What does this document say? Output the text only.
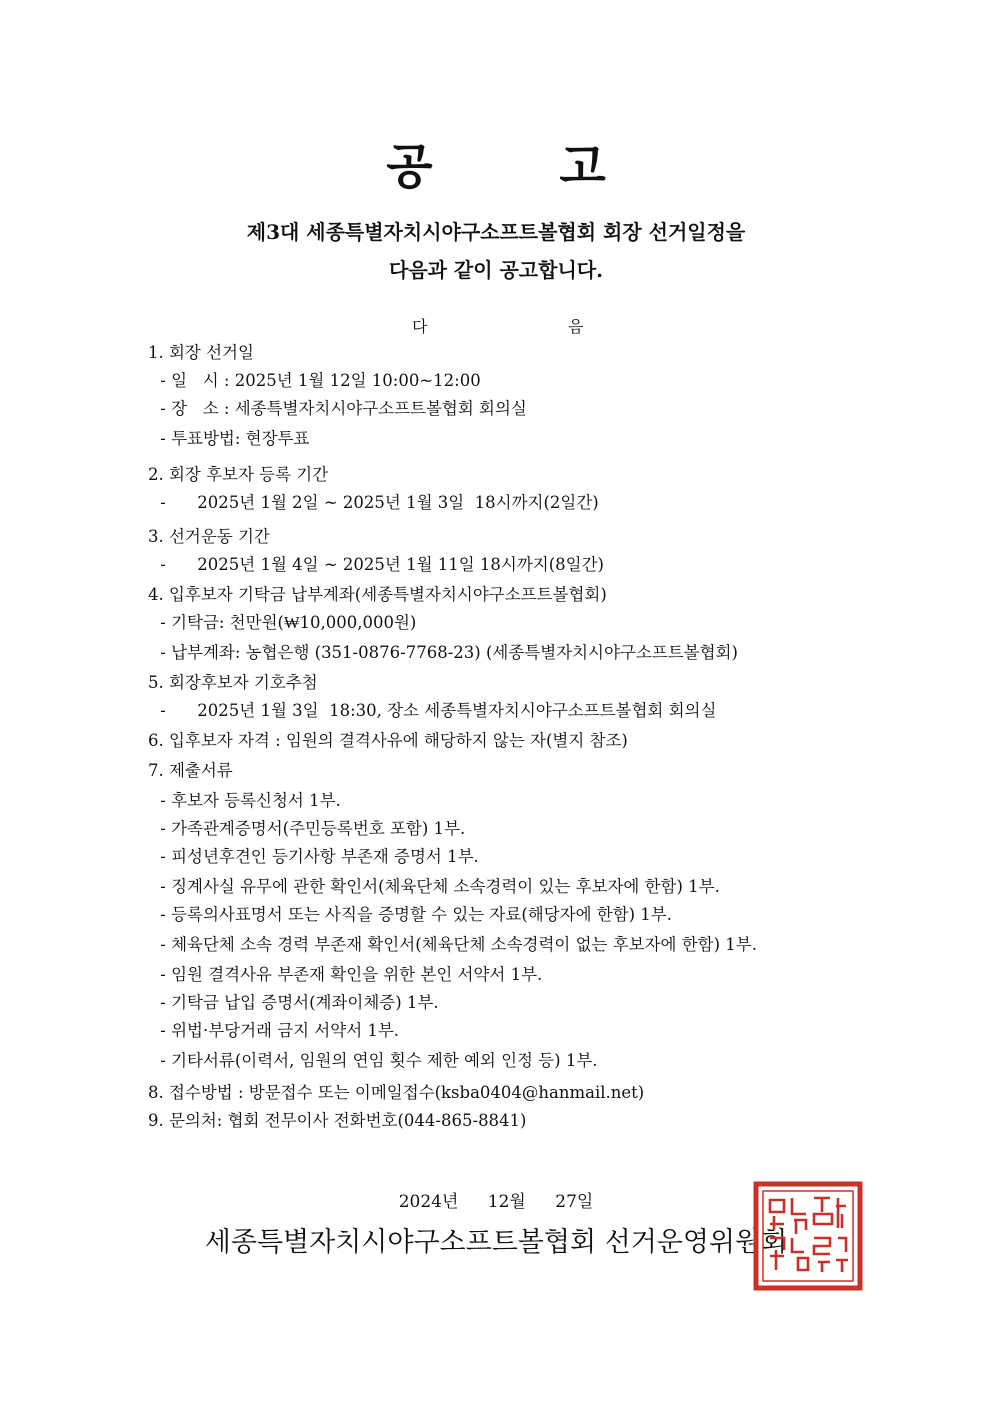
공 고
제3대 세종특별자치시야구소프트볼협회 회장 선거일정을
다음과 같이 공고합니다.
다	음
1. 회장 선거일
- 일   시 : 2025년 1월 12일 10:00~12:00
- 장   소 : 세종특별자치시야구소프트볼협회 회의실
- 투표방법: 현장투표
2. 회장 후보자 등록 기간
-      2025년 1월 2일 ~ 2025년 1월 3일  18시까지(2일간)
3. 선거운동 기간
-      2025년 1월 4일 ~ 2025년 1월 11일 18시까지(8일간)
4. 입후보자 기탁금 납부계좌(세종특별자치시야구소프트볼협회)
- 기탁금: 천만원(₩10,000,000원)
- 납부계좌: 농협은행 (351-0876-7768-23) (세종특별자치시야구소프트볼협회)
5. 회장후보자 기호추첨
-      2025년 1월 3일  18:30, 장소 세종특별자치시야구소프트볼협회 회의실
6. 입후보자 자격 : 임원의 결격사유에 해당하지 않는 자(별지 참조)
7. 제출서류
- 후보자 등록신청서 1부.
- 가족관계증명서(주민등록번호 포함) 1부.
- 피성년후견인 등기사항 부존재 증명서 1부.
- 징계사실 유무에 관한 확인서(체육단체 소속경력이 있는 후보자에 한함) 1부.
- 등록의사표명서 또는 사직을 증명할 수 있는 자료(해당자에 한함) 1부.
- 체육단체 소속 경력 부존재 확인서(체육단체 소속경력이 없는 후보자에 한함) 1부.
- 임원 결격사유 부존재 확인을 위한 본인 서약서 1부.
- 기탁금 납입 증명서(계좌이체증) 1부.
- 위법·부당거래 금지 서약서 1부.
- 기타서류(이력서, 임원의 연임 횟수 제한 예외 인정 등) 1부.
8. 접수방법 : 방문접수 또는 이메일접수(ksba0404@hanmail.net)
9. 문의처: 협회 전무이사 전화번호(044-865-8841)
2024년 12월 27일
세종특별자치시야구소프트볼협회 선거운영위원회
